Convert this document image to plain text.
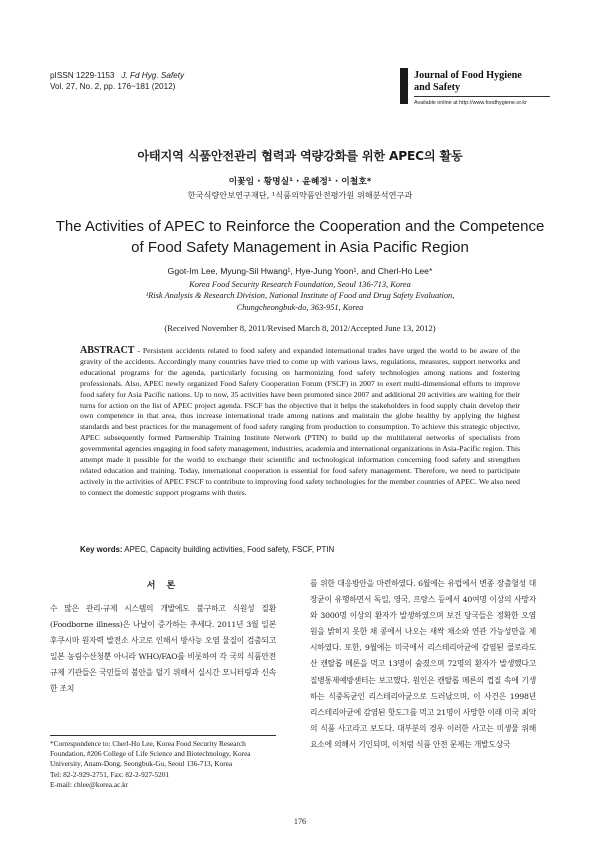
pISSN 1229-1153 J. Fd Hyg. Safety
Vol. 27, No. 2, pp. 176~181 (2012)
Journal of Food Hygiene
and Safety
Available online at http://www.foodhygiene.or.kr
아태지역 식품안전관리 협력과 역량강화를 위한 APEC의 활동
이꽃임 · 황명실¹ · 윤혜정¹ · 이철호*
한국식량안보연구재단, ¹식품의약품안전평가원 위해분석연구과
The Activities of APEC to Reinforce the Cooperation and the Competence
of Food Safety Management in Asia Pacific Region
Ggot-Im Lee, Myung-Sil Hwang¹, Hye-Jung Yoon¹, and Cherl-Ho Lee*
Korea Food Security Research Foundation, Seoul 136-713, Korea
¹Risk Analysis & Research Division, National Institute of Food and Drug Safety Evaluation,
Chungcheongbuk-do, 363-951, Korea
(Received November 8, 2011/Revised March 8, 2012/Accepted June 13, 2012)
ABSTRACT - Persistent accidents related to food safety and expanded international trades have urged the world to be aware of the gravity of the accidents. Accordingly many countries have tried to come up with various laws, regulations, measures, support networks and educational programs for the agenda, particularly focusing on harmonizing food safety technologies among nations and fostering professionals. Also, APEC newly organized Food Safety Cooperation Forum (FSCF) in 2007 to exert multi-dimensional efforts to improve food safety for Asia Pacific nations. Up to now, 35 activities have been promoted since 2007 and additional 20 activities are waiting for their turns for action on the list of APEC project agenda. FSCF has the objective that it helps the stakeholders in food supply chain develop their own competence in that area, thus increase international trade among nations and maintain the globe healthy by applying the highest standards and best practices for the management of food safety ranging from production to consumption. To achieve this strategic objective, APEC subsequently formed Partnership Training Institute Network (PTIN) to build up the multilateral networks of specialists from governmental agencies engaging in food safety management, industries, academia and international organizations in Asia-Pacific region. This attempt made it possible for the world to exchange their scientific and technological information concerning food safety and strengthen related education and training. Today, international cooperation is essential for food safety management. Therefore, we need to participate actively in the activities of APEC FSCF to contribute to improving food safety technologies for the member countries of APEC. We also need to connect the domestic support programs with theirs.
Key words: APEC, Capacity building activities, Food safety, FSCF, PTIN
서 론
수 많은 관리·규제 시스템의 개발에도 불구하고 식원성 질환(Foodborne illness)은 나날이 증가하는 추세다. 2011년 3월 일본 후쿠시마 원자력 발전소 사고로 인해서 방사능 오염 물질이 검출되고 일본 농림수산청뿐 아니라 WHO/FAO를 비롯하여 각 국의 식품안전 규제 기관들은 국민들의 불안을 덜기 위해서 실시간 모니터링과 신속한 조치
를 위한 대응방안을 마련하였다. 6월에는 유럽에서 변종 장출혈성 대장균이 유행하면서 독일, 영국, 프랑스 등에서 40여명 이상의 사망자와 3000명 이상의 환자가 발생하였으며 보건 당국들은 정확한 오염원을 밝히지 못한 채 콩에서 나오는 새싹 채소와 연관 가능성만을 제시하였다. 또한, 9월에는 미국에서 리스테리아균에 감염된 콜로라도산 캔탈롭 메론을 먹고 13명이 숨졌으며 72명의 환자가 발생했다고 질병통제예방센터는 보고했다. 원인은 캔탈롭 메론의 껍질 속에 기생하는 식중독균인 리스테리아균으로 드러났으며, 이 사건은 1998년 리스테리아균에 감염된 핫도그를 먹고 21명이 사망한 이래 미국 최악의 식품 사고라고 보도다. 대부분의 경우 이러한 사고는 미생물 위해요소에 의해서 기인되며, 이처럼 식품 안전 문제는 개발도상국
*Correspondence to: Cherl-Ho Lee, Korea Food Security Research Foundation, #206 College of Life Science and Biotechnology, Korea University, Anam-Dong, Seongbuk-Gu, Seoul 136-713, Korea
Tel: 82-2-929-2751, Fax: 82-2-927-5201
E-mail: chlee@korea.ac.kr
176
